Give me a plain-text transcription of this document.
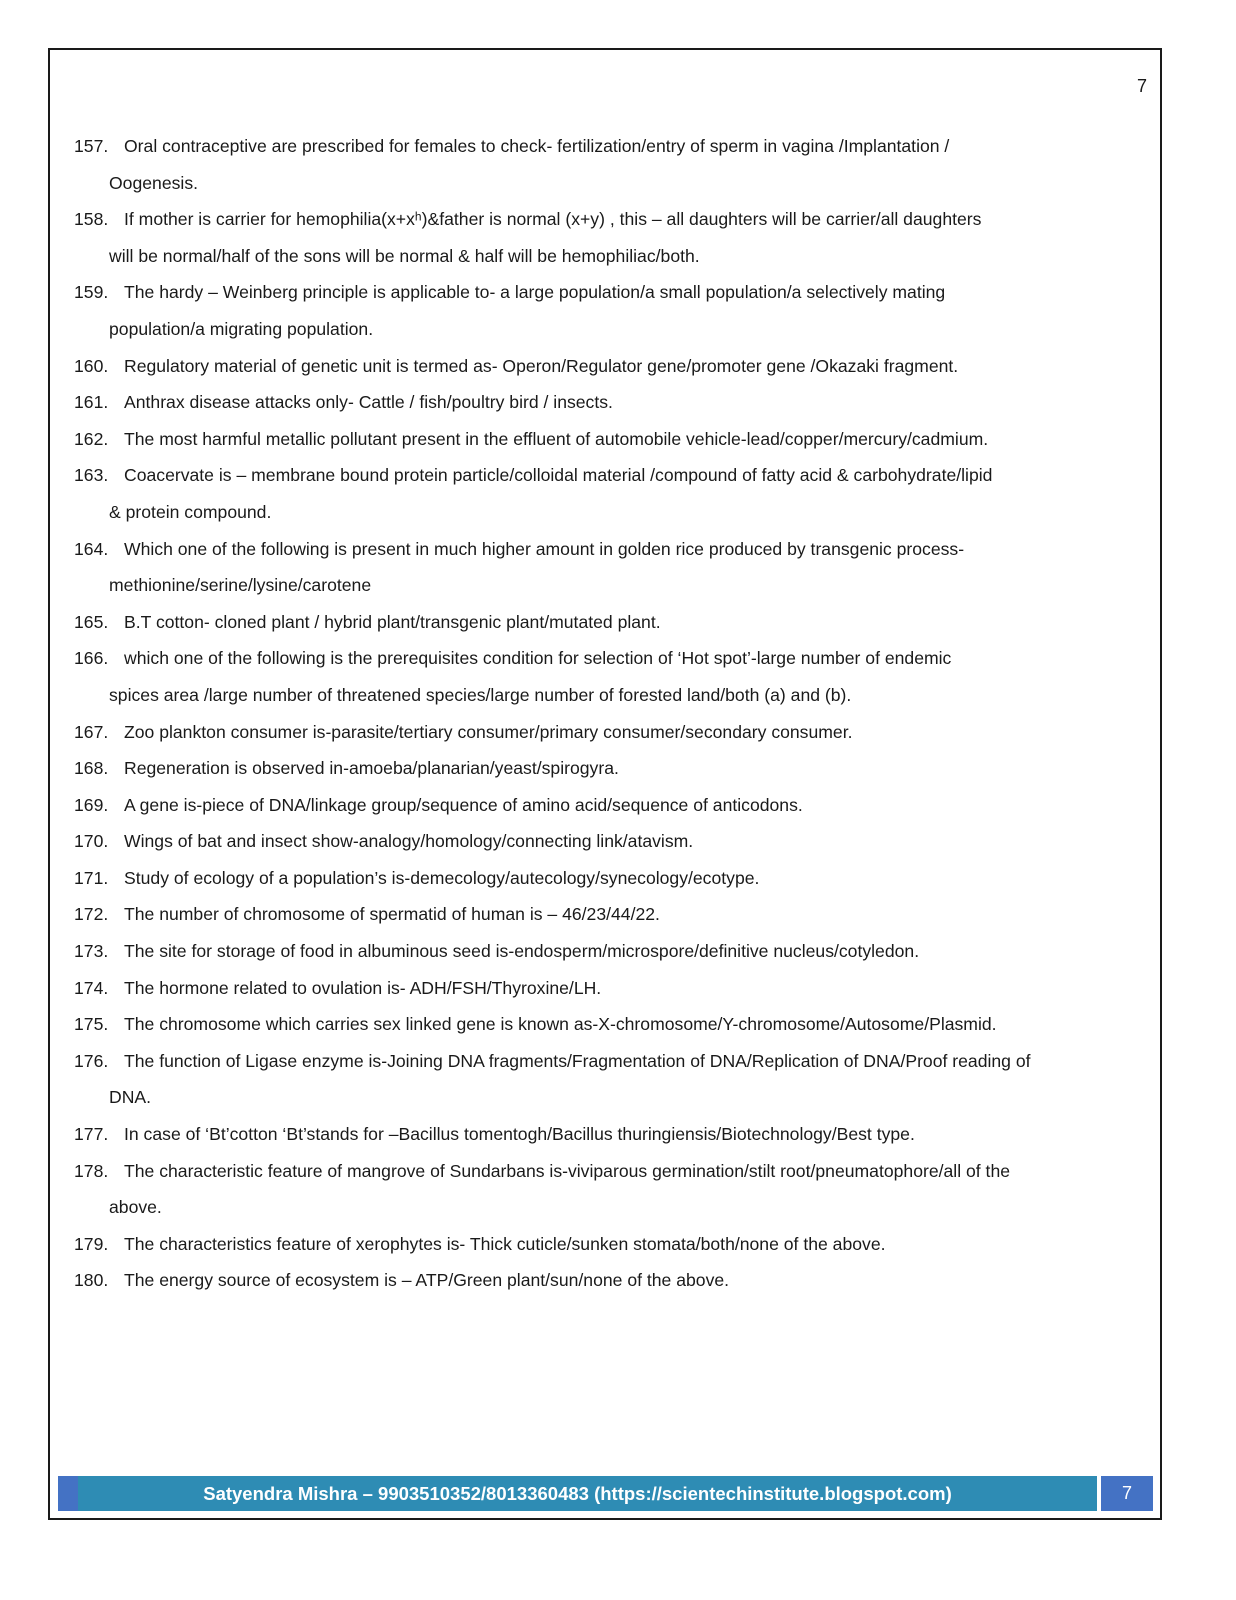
7
157. Oral contraceptive are prescribed for females to check- fertilization/entry of sperm in vagina /Implantation /
Oogenesis.
158. If mother is carrier for hemophilia(x+xʰ)&father is normal (x+y) , this – all daughters will be carrier/all daughters
will be normal/half of the sons will be normal & half will be hemophiliac/both.
159. The hardy – Weinberg principle is applicable to- a large population/a small population/a selectively mating
population/a migrating population.
160. Regulatory material of genetic unit is termed as- Operon/Regulator gene/promoter gene /Okazaki fragment.
161. Anthrax disease attacks only- Cattle / fish/poultry bird / insects.
162. The most harmful metallic pollutant present in the effluent of automobile vehicle-lead/copper/mercury/cadmium.
163. Coacervate is – membrane bound protein particle/colloidal material /compound of fatty acid & carbohydrate/lipid
& protein compound.
164. Which one of the following is present in much higher amount in golden rice produced by transgenic process-
methionine/serine/lysine/carotene
165. B.T cotton- cloned plant / hybrid plant/transgenic plant/mutated plant.
166. which one of the following is the prerequisites condition for selection of ‘Hot spot’-large number of endemic
spices area /large number of threatened species/large number of forested land/both (a) and (b).
167. Zoo plankton consumer is-parasite/tertiary consumer/primary consumer/secondary consumer.
168. Regeneration is observed in-amoeba/planarian/yeast/spirogyra.
169. A gene is-piece of DNA/linkage group/sequence of amino acid/sequence of anticodons.
170. Wings of bat and insect show-analogy/homology/connecting link/atavism.
171. Study of ecology of a population’s is-demecology/autecology/synecology/ecotype.
172. The number of chromosome of spermatid of human is – 46/23/44/22.
173. The site for storage of food in albuminous seed is-endosperm/microspore/definitive nucleus/cotyledon.
174. The hormone related to ovulation is- ADH/FSH/Thyroxine/LH.
175. The chromosome which carries sex linked gene is known as-X-chromosome/Y-chromosome/Autosome/Plasmid.
176. The function of Ligase enzyme is-Joining DNA fragments/Fragmentation of DNA/Replication of DNA/Proof reading of
DNA.
177. In case of ‘Bt’cotton ‘Bt’stands for –Bacillus tomentogh/Bacillus thuringiensis/Biotechnology/Best type.
178. The characteristic feature of mangrove of Sundarbans is-viviparous germination/stilt root/pneumatophore/all of the
above.
179. The characteristics feature of xerophytes is- Thick cuticle/sunken stomata/both/none of the above.
180. The energy source of ecosystem is – ATP/Green plant/sun/none of the above.
Satyendra Mishra – 9903510352/8013360483 (https://scientechinstitute.blogspot.com)	7
